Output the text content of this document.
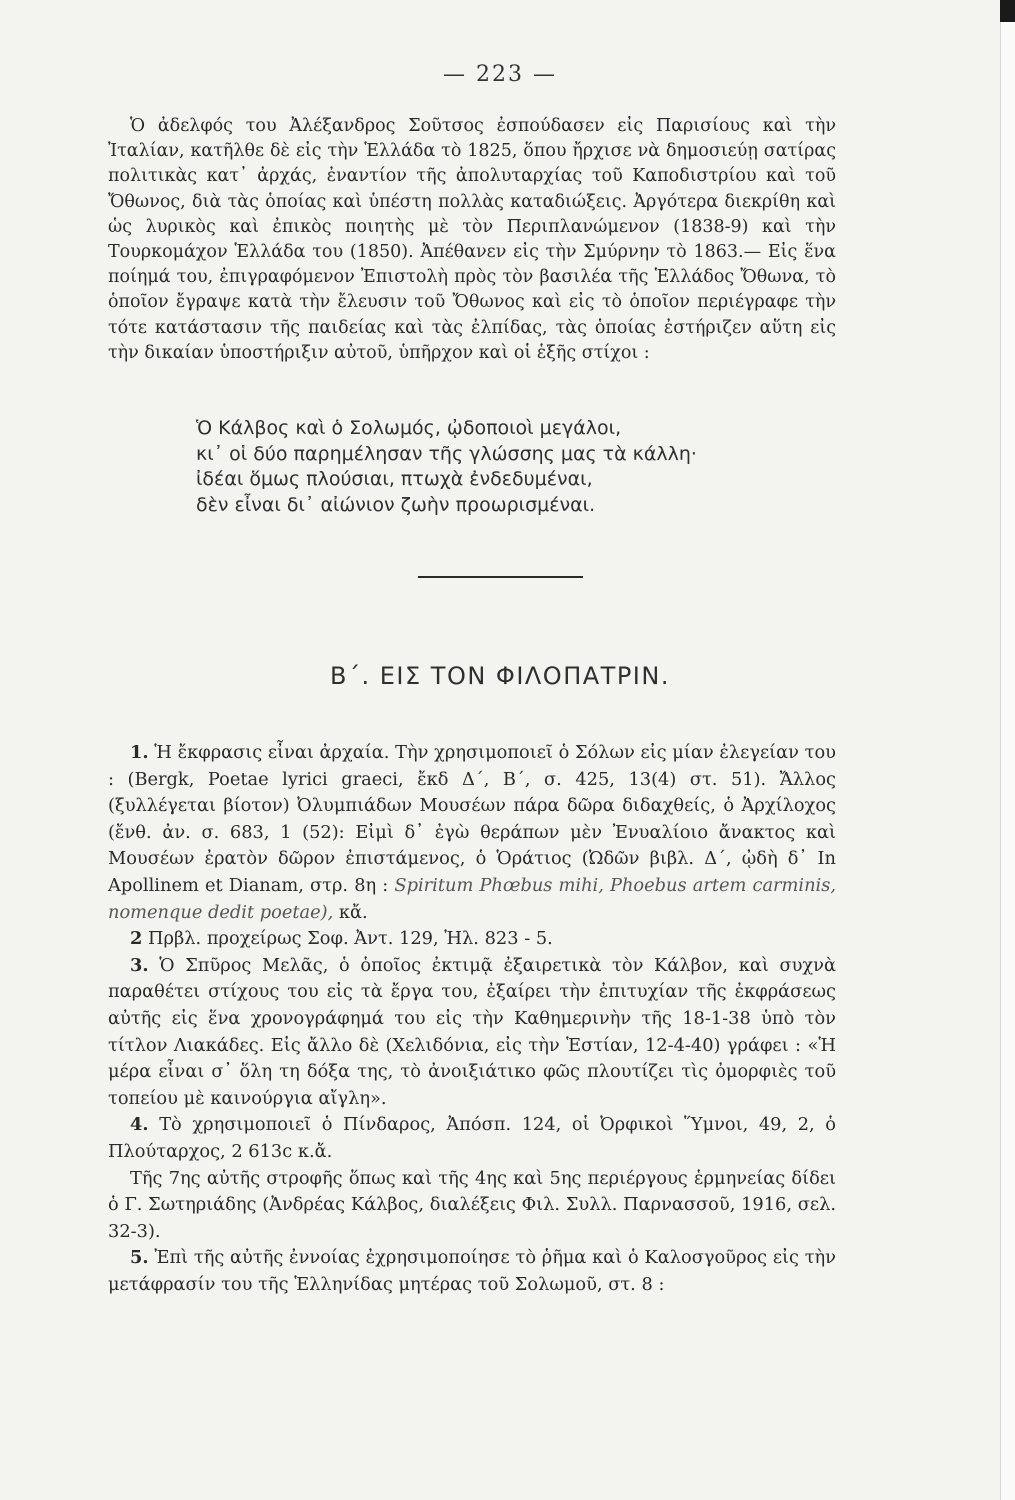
— 223 —
Ὁ ἀδελφός του Ἀλέξανδρος Σοῦτσος ἐσπούδασεν εἰς Παρισίους καὶ τὴν Ἰταλίαν, κατῆλθε δὲ εἰς τὴν Ἑλλάδα τὸ 1825, ὅπου ἤρχισε νὰ δημοσιεύῃ σατίρας πολιτικὰς κατ᾽ ἀρχάς, ἐναντίον τῆς ἀπολυταρχίας τοῦ Καποδιστρίου καὶ τοῦ Ὄθωνος, διὰ τὰς ὁποίας καὶ ὑπέστη πολλὰς καταδιώξεις. Ἀργότερα διεκρίθη καὶ ὡς λυρικὸς καὶ ἐπικὸς ποιητὴς μὲ τὸν Περιπλανώμενον (1838-9) καὶ τὴν Τουρκομάχον Ἑλλάδα του (1850). Ἀπέθανεν εἰς τὴν Σμύρνην τὸ 1863.— Εἰς ἕνα ποίημά του, ἐπιγραφόμενον Ἐπιστολὴ πρὸς τὸν βασιλέα τῆς Ἑλλάδος Ὄθωνα, τὸ ὁποῖον ἔγραψε κατὰ τὴν ἔλευσιν τοῦ Ὄθωνος καὶ εἰς τὸ ὁποῖον περιέγραφε τὴν τότε κατάστασιν τῆς παιδείας καὶ τὰς ἐλπίδας, τὰς ὁποίας ἐστήριζεν αὕτη εἰς τὴν δικαίαν ὑποστήριξιν αὐτοῦ, ὑπῆρχον καὶ οἱ ἑξῆς στίχοι :
Ὁ Κάλβος καὶ ὁ Σολωμός, ᾠδοποιοὶ μεγάλοι,
κι᾽ οἱ δύο παρημέλησαν τῆς γλώσσης μας τὰ κάλλη·
ἰδέαι ὅμως πλούσιαι, πτωχὰ ἐνδεδυμέναι,
δὲν εἶναι δι᾽ αἰώνιον ζωὴν προωρισμέναι.
Β΄. ΕΙΣ ΤΟΝ ΦΙΛΟΠΑΤΡΙΝ.

1. Ἡ ἔκφρασις εἶναι ἀρχαία. Τὴν χρησιμοποιεῖ ὁ Σόλων εἰς μίαν ἐλεγείαν του : (Bergk, Poetae lyrici graeci, ἔκδ Δ΄, Β΄, σ. 425, 13(4) στ. 51). Ἄλλος (ξυλλέγεται βίοτον) Ὀλυμπιάδων Μουσέων πάρα δῶρα διδαχθείς, ὁ Ἀρχίλοχος (ἔνθ. ἀν. σ. 683, 1 (52): Εἰμὶ δ᾽ ἐγὼ θεράπων μὲν Ἐνυαλίοιο ἄνακτος καὶ Μουσέων ἐρατὸν δῶρον ἐπιστάμενος, ὁ Ὁράτιος (Ὠδῶν βιβλ. Δ΄, ᾠδὴ δ᾽ In Apollinem et Dianam, στρ. 8η : Spiritum Phœbus mihi, Phoebus artem carminis, nomenque dedit poetae), κἄ.

2 Πρβλ. προχείρως Σοφ. Ἀντ. 129, Ἠλ. 823 - 5.

3. Ὁ Σπῦρος Μελᾶς, ὁ ὁποῖος ἐκτιμᾷ ἐξαιρετικὰ τὸν Κάλβον, καὶ συχνὰ παραθέτει στίχους του εἰς τὰ ἔργα του, ἐξαίρει τὴν ἐπιτυχίαν τῆς ἐκφράσεως αὐτῆς εἰς ἕνα χρονογράφημά του εἰς τὴν Καθημερινὴν τῆς 18-1-38 ὑπὸ τὸν τίτλον Λιακάδες. Εἰς ἄλλο δὲ (Χελιδόνια, εἰς τὴν Ἑστίαν, 12-4-40) γράφει : «Ἡ μέρα εἶναι σ᾽ ὅλη τη δόξα της, τὸ ἀνοιξιάτικο φῶς πλουτίζει τὶς ὀμορφιὲς τοῦ τοπείου μὲ καινούργια αἴγλη».

4. Τὸ χρησιμοποιεῖ ὁ Πίνδαρος, Ἀπόσπ. 124, οἱ Ὀρφικοὶ Ὕμνοι, 49, 2, ὁ Πλούταρχος, 2 613c κ.ἄ.

Τῆς 7ης αὐτῆς στροφῆς ὅπως καὶ τῆς 4ης καὶ 5ης περιέργους ἑρμηνείας δίδει ὁ Γ. Σωτηριάδης (Ἀνδρέας Κάλβος, διαλέξεις Φιλ. Συλλ. Παρνασσοῦ, 1916, σελ. 32-3).

5. Ἐπὶ τῆς αὐτῆς ἐννοίας ἐχρησιμοποίησε τὸ ῥῆμα καὶ ὁ Καλοσγοῦρος εἰς τὴν μετάφρασίν του τῆς Ἑλληνίδας μητέρας τοῦ Σολωμοῦ, στ. 8 :
